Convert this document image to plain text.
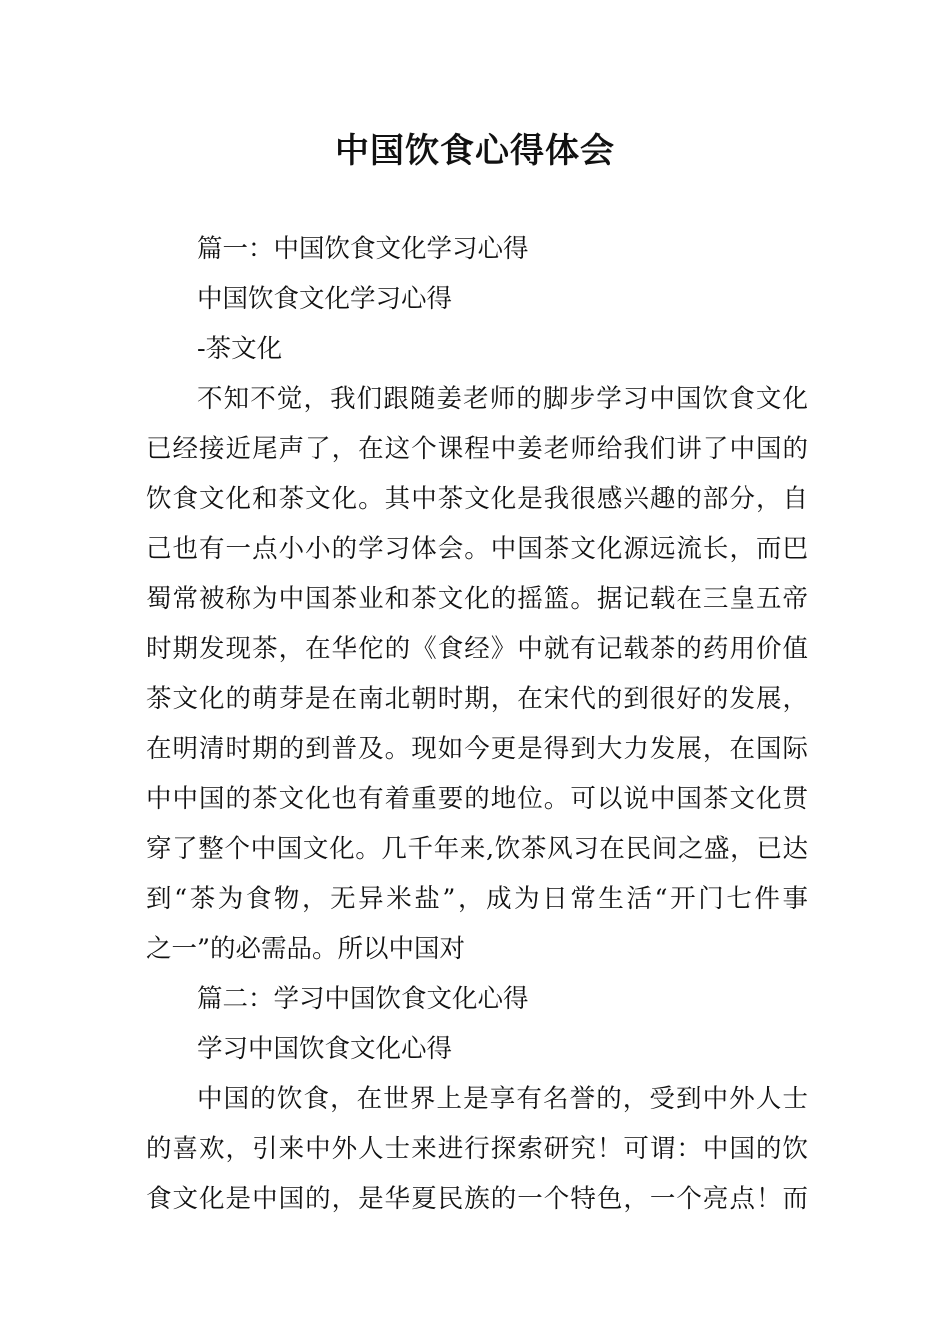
中国饮食心得体会

篇一：中国饮食文化学习心得

中国饮食文化学习心得

-茶文化

不知不觉，我们跟随姜老师的脚步学习中国饮食文化

已经接近尾声了，在这个课程中姜老师给我们讲了中国的

饮食文化和茶文化。其中茶文化是我很感兴趣的部分，自

己也有一点小小的学习体会。中国茶文化源远流长，而巴

蜀常被称为中国茶业和茶文化的摇篮。据记载在三皇五帝

时期发现茶，在华佗的《食经》中就有记载茶的药用价值

茶文化的萌芽是在南北朝时期，在宋代的到很好的发展，

在明清时期的到普及。现如今更是得到大力发展，在国际

中中国的茶文化也有着重要的地位。可以说中国茶文化贯

穿了整个中国文化。几千年来,饮茶风习在民间之盛，已达

到“茶为食物，无异米盐”，成为日常生活“开门七件事

之一”的必需品。所以中国对

篇二：学习中国饮食文化心得

学习中国饮食文化心得

中国的饮食，在世界上是享有名誉的，受到中外人士

的喜欢，引来中外人士来进行探索研究！可谓：中国的饮

食文化是中国的，是华夏民族的一个特色，一个亮点！而
